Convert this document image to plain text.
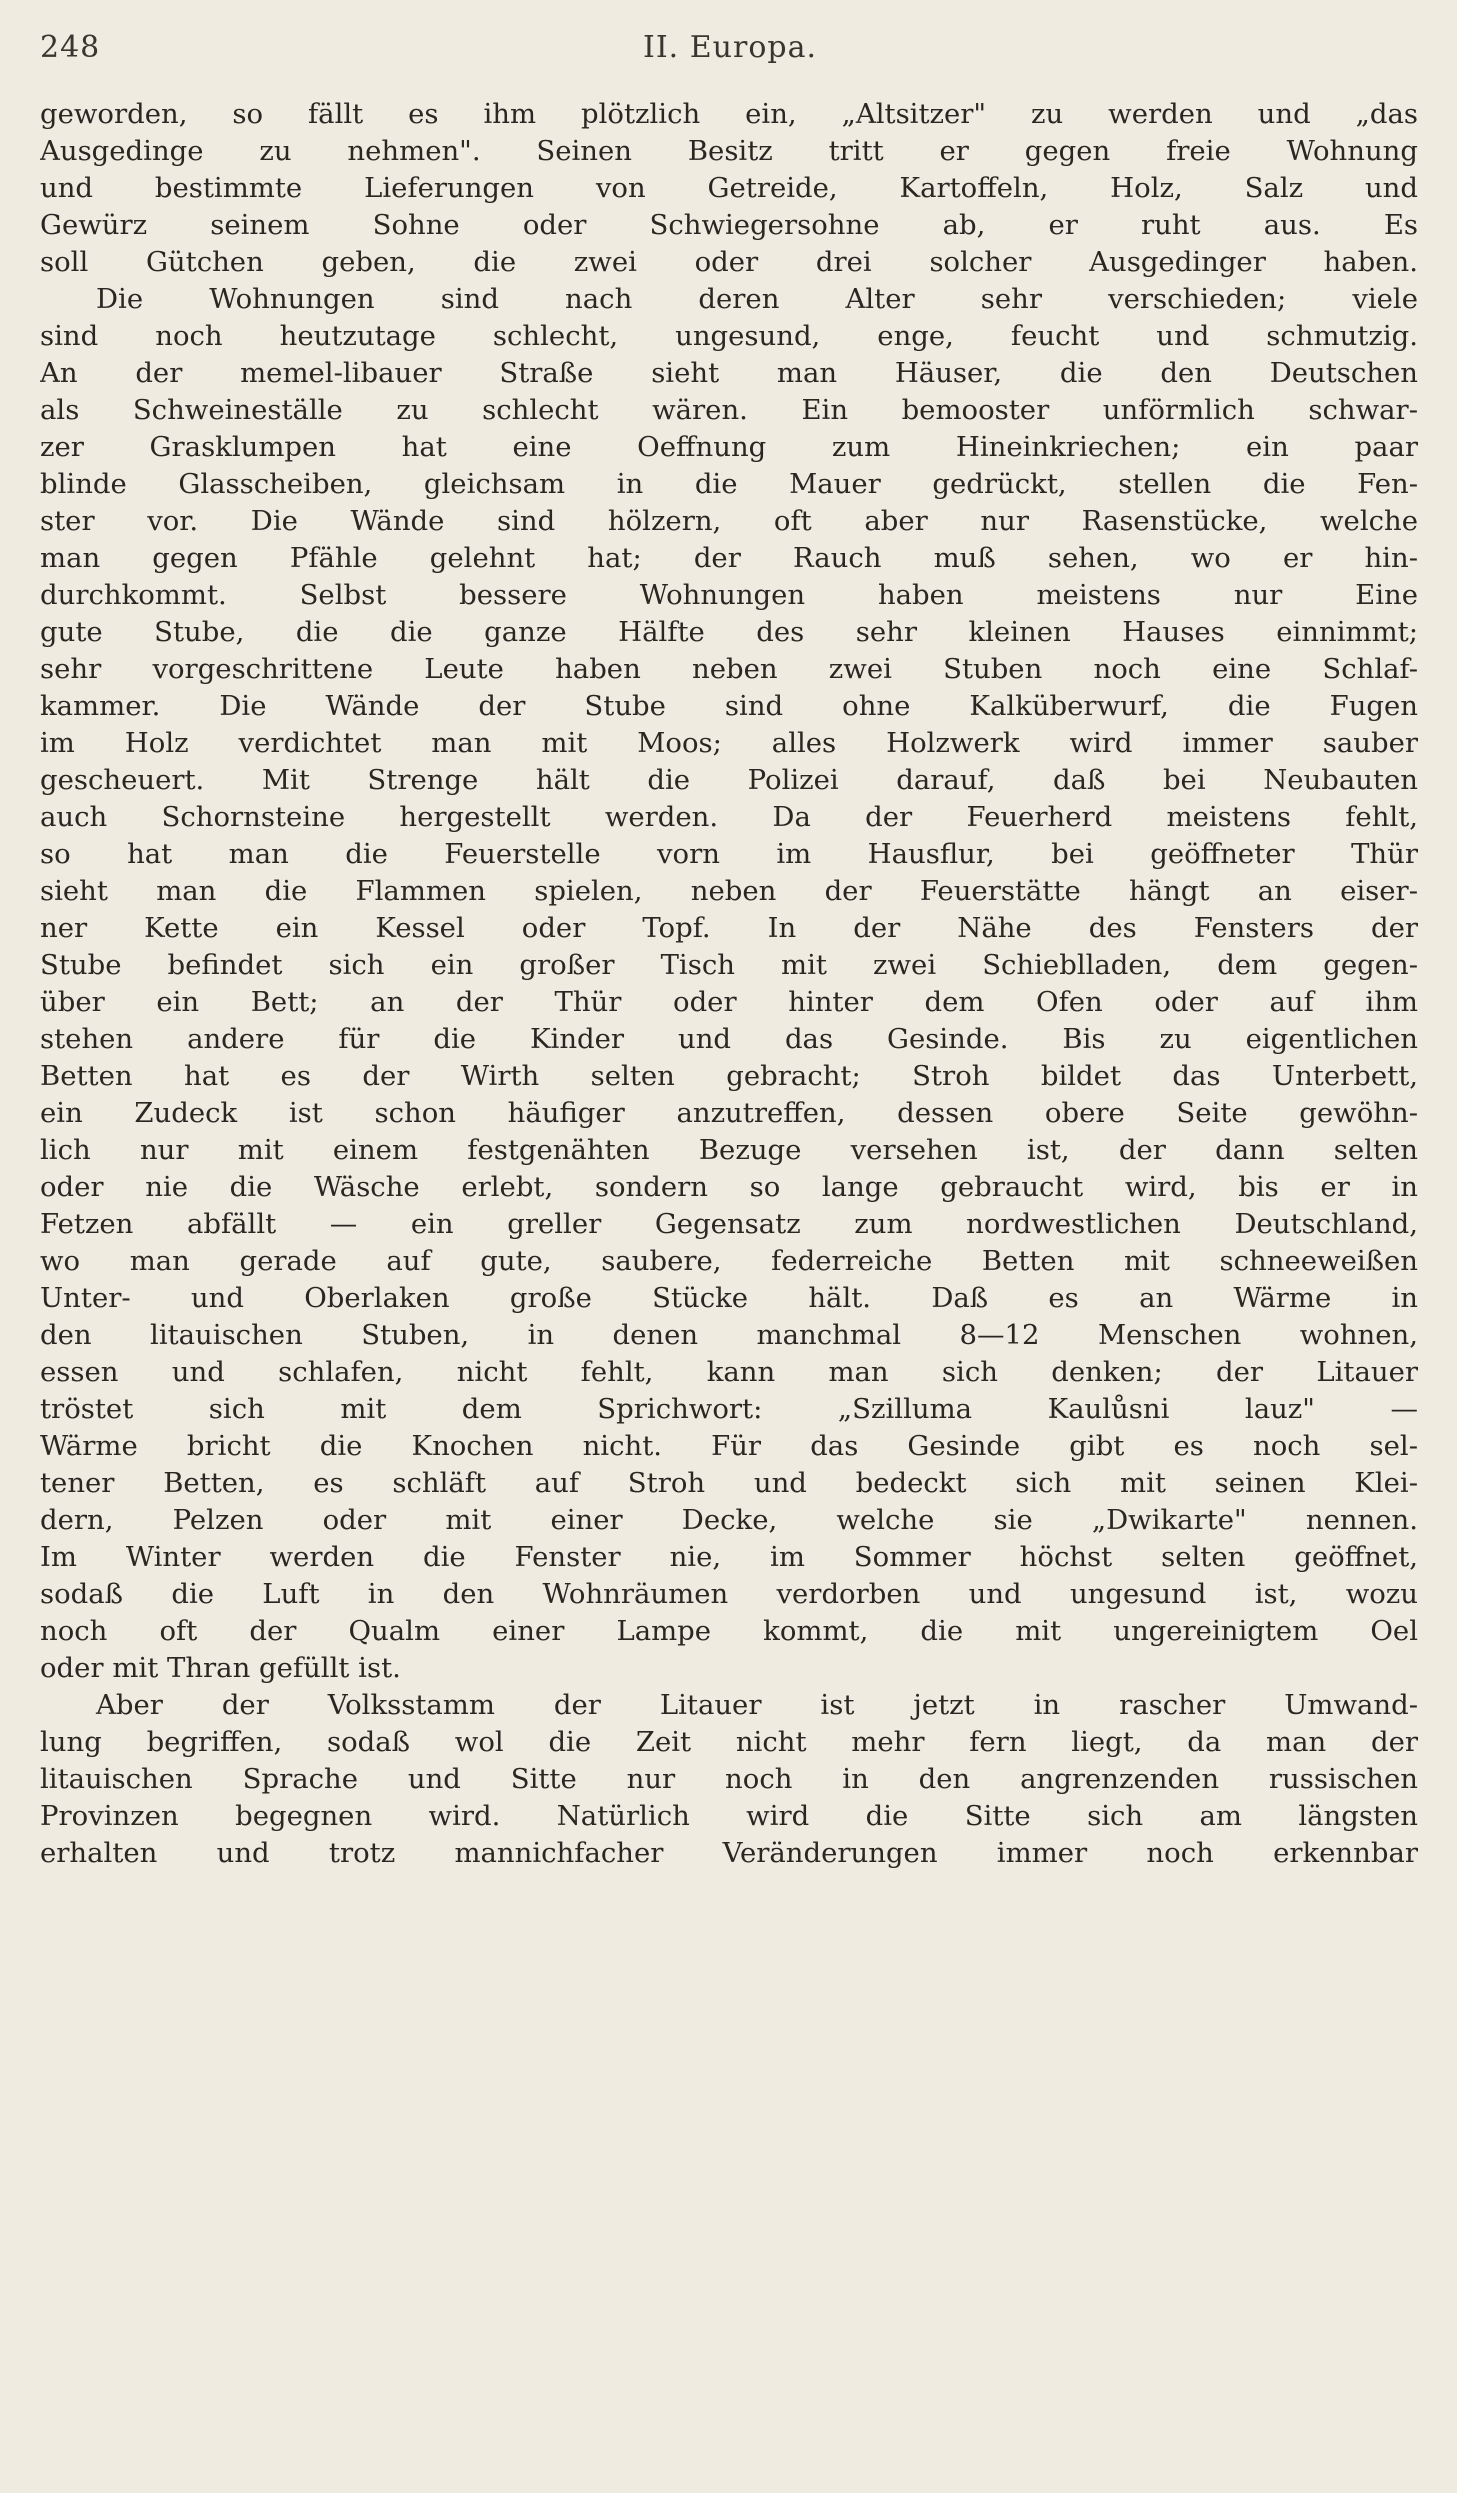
248	II. Europa.
geworden, so fällt es ihm plötzlich ein, „Altsitzer" zu werden und „das
Ausgedinge zu nehmen". Seinen Besitz tritt er gegen freie Wohnung
und bestimmte Lieferungen von Getreide, Kartoffeln, Holz, Salz und
Gewürz seinem Sohne oder Schwiegersohne ab, er ruht aus. Es
soll Gütchen geben, die zwei oder drei solcher Ausgedinger haben.
Die Wohnungen sind nach deren Alter sehr verschieden; viele
sind noch heutzutage schlecht, ungesund, enge, feucht und schmutzig.
An der memel-libauer Straße sieht man Häuser, die den Deutschen
als Schweineställe zu schlecht wären. Ein bemooster unförmlich schwar-
zer Grasklumpen hat eine Oeffnung zum Hineinkriechen; ein paar
blinde Glasscheiben, gleichsam in die Mauer gedrückt, stellen die Fen-
ster vor. Die Wände sind hölzern, oft aber nur Rasenstücke, welche
man gegen Pfähle gelehnt hat; der Rauch muß sehen, wo er hin-
durchkommt. Selbst bessere Wohnungen haben meistens nur Eine
gute Stube, die die ganze Hälfte des sehr kleinen Hauses einnimmt;
sehr vorgeschrittene Leute haben neben zwei Stuben noch eine Schlaf-
kammer. Die Wände der Stube sind ohne Kalküberwurf, die Fugen
im Holz verdichtet man mit Moos; alles Holzwerk wird immer sauber
gescheuert. Mit Strenge hält die Polizei darauf, daß bei Neubauten
auch Schornsteine hergestellt werden. Da der Feuerherd meistens fehlt,
so hat man die Feuerstelle vorn im Hausflur, bei geöffneter Thür
sieht man die Flammen spielen, neben der Feuerstätte hängt an eiser-
ner Kette ein Kessel oder Topf. In der Nähe des Fensters der
Stube befindet sich ein großer Tisch mit zwei Schieblladen, dem gegen-
über ein Bett; an der Thür oder hinter dem Ofen oder auf ihm
stehen andere für die Kinder und das Gesinde. Bis zu eigentlichen
Betten hat es der Wirth selten gebracht; Stroh bildet das Unterbett,
ein Zudeck ist schon häufiger anzutreffen, dessen obere Seite gewöhn-
lich nur mit einem festgenähten Bezuge versehen ist, der dann selten
oder nie die Wäsche erlebt, sondern so lange gebraucht wird, bis er in
Fetzen abfällt — ein greller Gegensatz zum nordwestlichen Deutschland,
wo man gerade auf gute, saubere, federreiche Betten mit schneeweißen
Unter- und Oberlaken große Stücke hält. Daß es an Wärme in
den litauischen Stuben, in denen manchmal 8—12 Menschen wohnen,
essen und schlafen, nicht fehlt, kann man sich denken; der Litauer
tröstet sich mit dem Sprichwort: „Szilluma Kaulůsni lauz" —
Wärme bricht die Knochen nicht. Für das Gesinde gibt es noch sel-
tener Betten, es schläft auf Stroh und bedeckt sich mit seinen Klei-
dern, Pelzen oder mit einer Decke, welche sie „Dwikarte" nennen.
Im Winter werden die Fenster nie, im Sommer höchst selten geöffnet,
sodaß die Luft in den Wohnräumen verdorben und ungesund ist, wozu
noch oft der Qualm einer Lampe kommt, die mit ungereinigtem Oel
oder mit Thran gefüllt ist.
Aber der Volksstamm der Litauer ist jetzt in rascher Umwand-
lung begriffen, sodaß wol die Zeit nicht mehr fern liegt, da man der
litauischen Sprache und Sitte nur noch in den angrenzenden russischen
Provinzen begegnen wird. Natürlich wird die Sitte sich am längsten
erhalten und trotz mannichfacher Veränderungen immer noch erkennbar
